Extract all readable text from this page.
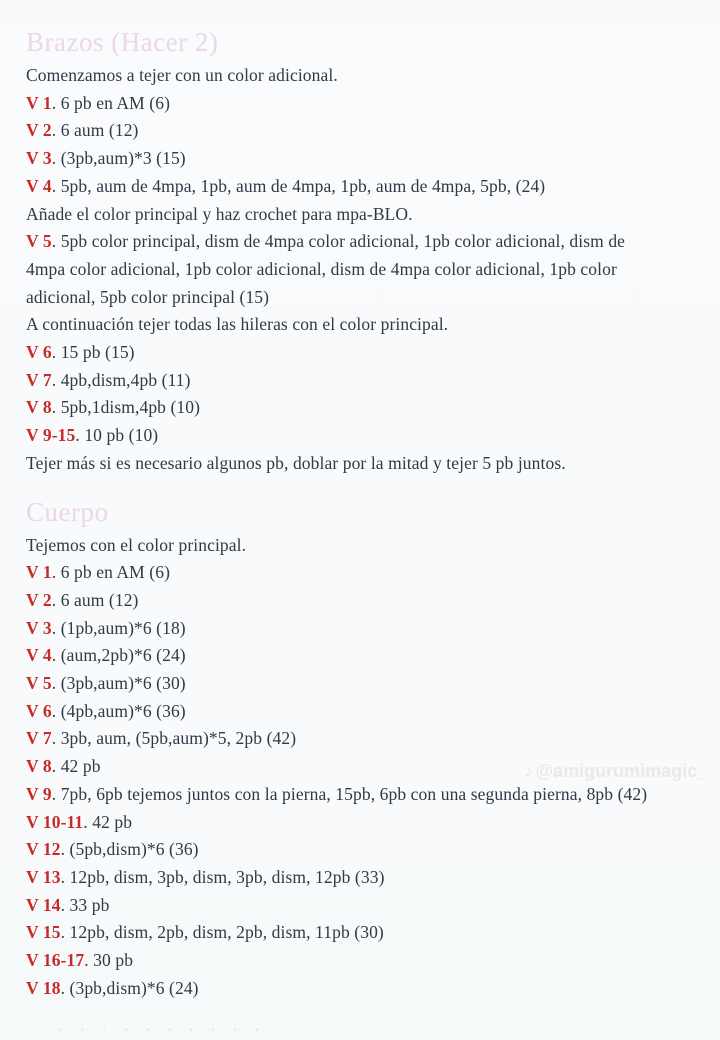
Brazos (Hacer 2)

Comenzamos a tejer con un color adicional.

V 1. 6 pb en AM (6)

V 2. 6 aum (12)

V 3. (3pb,aum)*3 (15)

V 4. 5pb, aum de 4mpa, 1pb, aum de 4mpa, 1pb, aum de 4mpa, 5pb, (24)

Añade el color principal y haz crochet para mpa-BLO.

V 5. 5pb color principal, dism de 4mpa color adicional, 1pb color adicional, dism de 4mpa color adicional, 1pb color adicional, dism de 4mpa color adicional, 1pb color adicional, 5pb color principal (15)

A continuación tejer todas las hileras con el color principal.

V 6. 15 pb (15)

V 7. 4pb,dism,4pb (11)

V 8. 5pb,1dism,4pb (10)

V 9-15. 10 pb (10)

Tejer más si es necesario algunos pb, doblar por la mitad y tejer 5 pb juntos.

Cuerpo

Tejemos con el color principal.

V 1. 6 pb en AM (6)

V 2. 6 aum (12)

V 3. (1pb,aum)*6 (18)

V 4. (aum,2pb)*6 (24)

V 5. (3pb,aum)*6 (30)

V 6. (4pb,aum)*6 (36)

V 7. 3pb, aum, (5pb,aum)*5, 2pb (42)

V 8. 42 pb

V 9. 7pb, 6pb tejemos juntos con la pierna, 15pb, 6pb con una segunda pierna, 8pb (42)

V 10-11. 42 pb

V 12. (5pb,dism)*6 (36)

V 13. 12pb, dism, 3pb, dism, 3pb, dism, 12pb (33)

V 14. 33 pb

V 15. 12pb, dism, 2pb, dism, 2pb, dism, 11pb (30)

V 16-17. 30 pb

V 18. (3pb,dism)*6 (24)

♪ @amigurumimagic_
· · · · · · · · · ·
